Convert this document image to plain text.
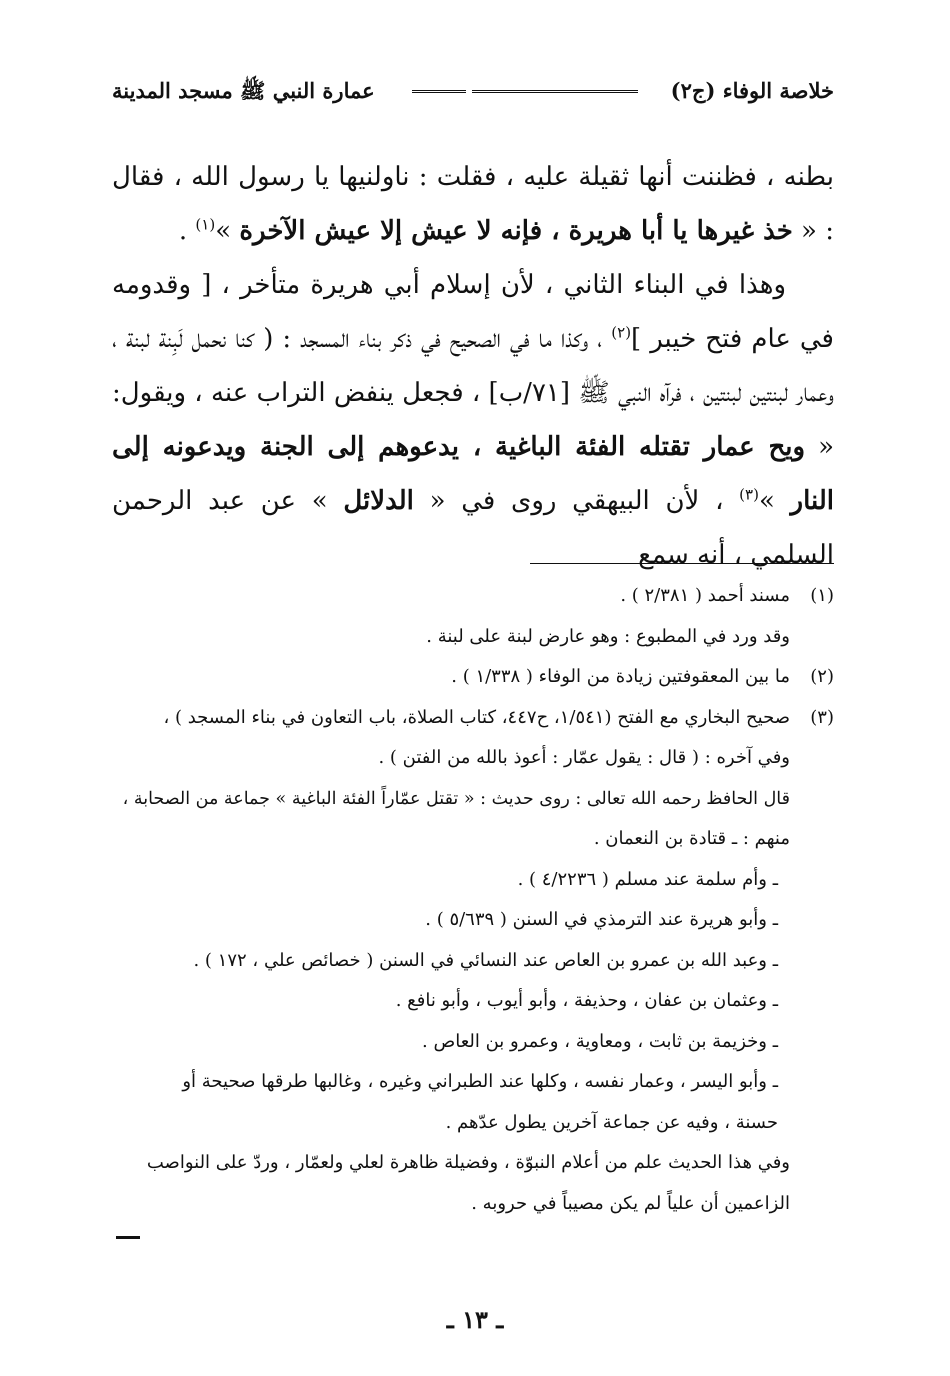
خلاصة الوفاء (ج٢)
عمارة النبي ﷺ مسجد المدينة

بطنه ، فظننت أنها ثقيلة عليه ، فقلت : ناولنيها يا رسول الله ، فقال : « خذ غيرها يا أبا هريرة ، فإنه لا عيش إلا عيش الآخرة »$^{(١)}$ .

وهذا في البناء الثاني ، لأن إسلام أبي هريرة متأخر ، [ وقدومه في عام فتح خيبر ]$^{(٢)}$ ، وكذا ما في الصحيح في ذكر بناء المسجد : ( كنا نحمل لَبِنة لبنة ، وعمار لبنتين لبنتين ، فرآه النبي ﷺ [٧١/ب] ، فجعل ينفض التراب عنه ، ويقول: « ويح عمار تقتله الفئة الباغية ، يدعوهم إلى الجنة ويدعونه إلى النار »$^{(٣)}$ ، لأن البيهقي روى في « الدلائل » عن عبد الرحمن السلمي ، أنه سمع

(١)مسند أحمد ( ٢/٣٨١ ) .
وقد ورد في المطبوع : وهو عارض لبنة على لبنة .
(٢)ما بين المعقوفتين زيادة من الوفاء ( ١/٣٣٨ ) .
(٣)صحيح البخاري مع الفتح (١/٥٤١، ح٤٤٧، كتاب الصلاة، باب التعاون في بناء المسجد ) ،
وفي آخره : ( قال : يقول عمّار : أعوذ بالله من الفتن ) .
قال الحافظ رحمه الله تعالى : روى حديث : « تقتل عمّاراً الفئة الباغية » جماعة من الصحابة ،
منهم : ـ قتادة بن النعمان .
ـ وأم سلمة عند مسلم ( ٤/٢٢٣٦ ) .
ـ وأبو هريرة عند الترمذي في السنن ( ٥/٦٣٩ ) .
ـ وعبد الله بن عمرو بن العاص عند النسائي في السنن ( خصائص علي ، ١٧٢ ) .
ـ وعثمان بن عفان ، وحذيفة ، وأبو أيوب ، وأبو نافع .
ـ وخزيمة بن ثابت ، ومعاوية ، وعمرو بن العاص .
ـ وأبو اليسر ، وعمار نفسه ، وكلها عند الطبراني وغيره ، وغالبها طرقها صحيحة أو
حسنة ، وفيه عن جماعة آخرين يطول عدّهم .
وفي هذا الحديث علم من أعلام النبوّة ، وفضيلة ظاهرة لعلي ولعمّار ، وردّ على النواصب
الزاعمين أن علياً لم يكن مصيباً في حروبه .
ـ ١٣ ـ
